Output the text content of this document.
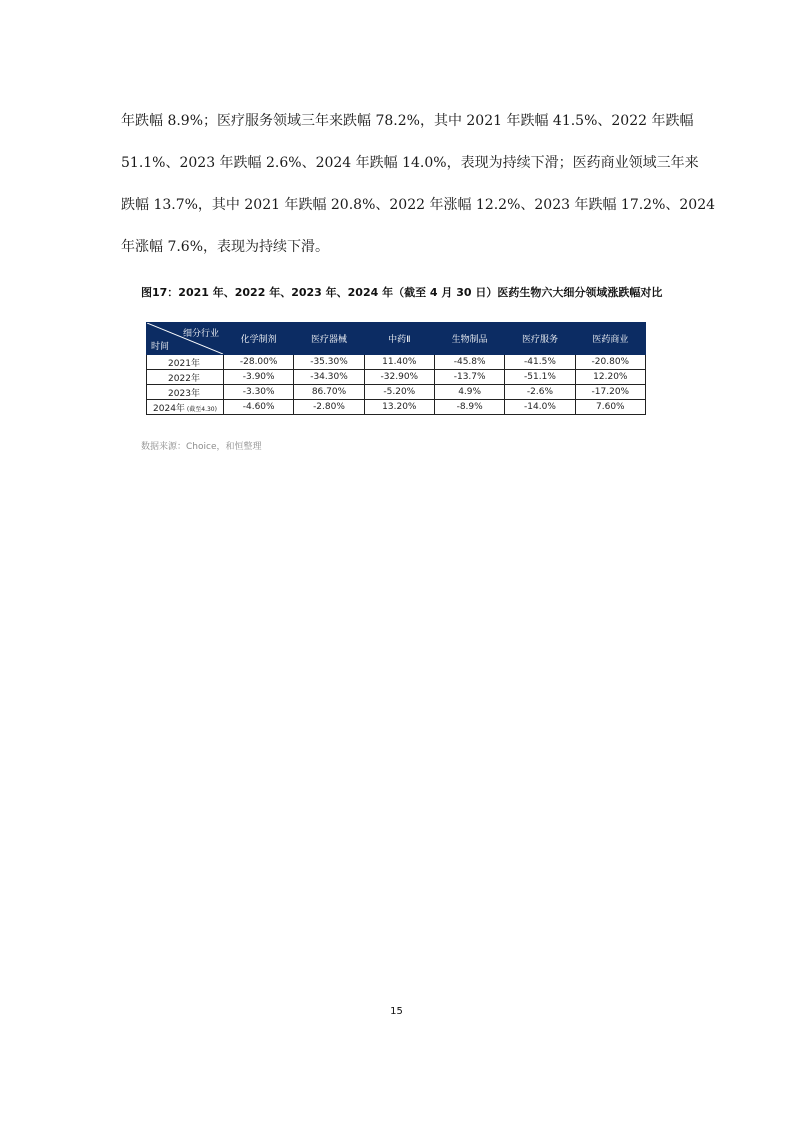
年跌幅 8.9%；医疗服务领域三年来跌幅 78.2%，其中 2021 年跌幅 41.5%、2022 年跌幅
51.1%、2023 年跌幅 2.6%、2024 年跌幅 14.0%，表现为持续下滑；医药商业领域三年来
跌幅 13.7%，其中 2021 年跌幅 20.8%、2022 年涨幅 12.2%、2023 年跌幅 17.2%、2024
年涨幅 7.6%，表现为持续下滑。
图17：2021 年、2022 年、2023 年、2024 年（截至 4 月 30 日）医药生物六大细分领域涨跌幅对比
细分行业
时间	化学制剂	医疗器械	中药Ⅱ	生物制品	医疗服务	医药商业
2021年	-28.00%	-35.30%	11.40%	-45.8%	-41.5%	-20.80%
2022年	-3.90%	-34.30%	-32.90%	-13.7%	-51.1%	12.20%
2023年	-3.30%	86.70%	-5.20%	4.9%	-2.6%	-17.20%
2024年 (截至4.30)	-4.60%	-2.80%	13.20%	-8.9%	-14.0%	7.60%
数据来源：Choice，和恒整理
15
